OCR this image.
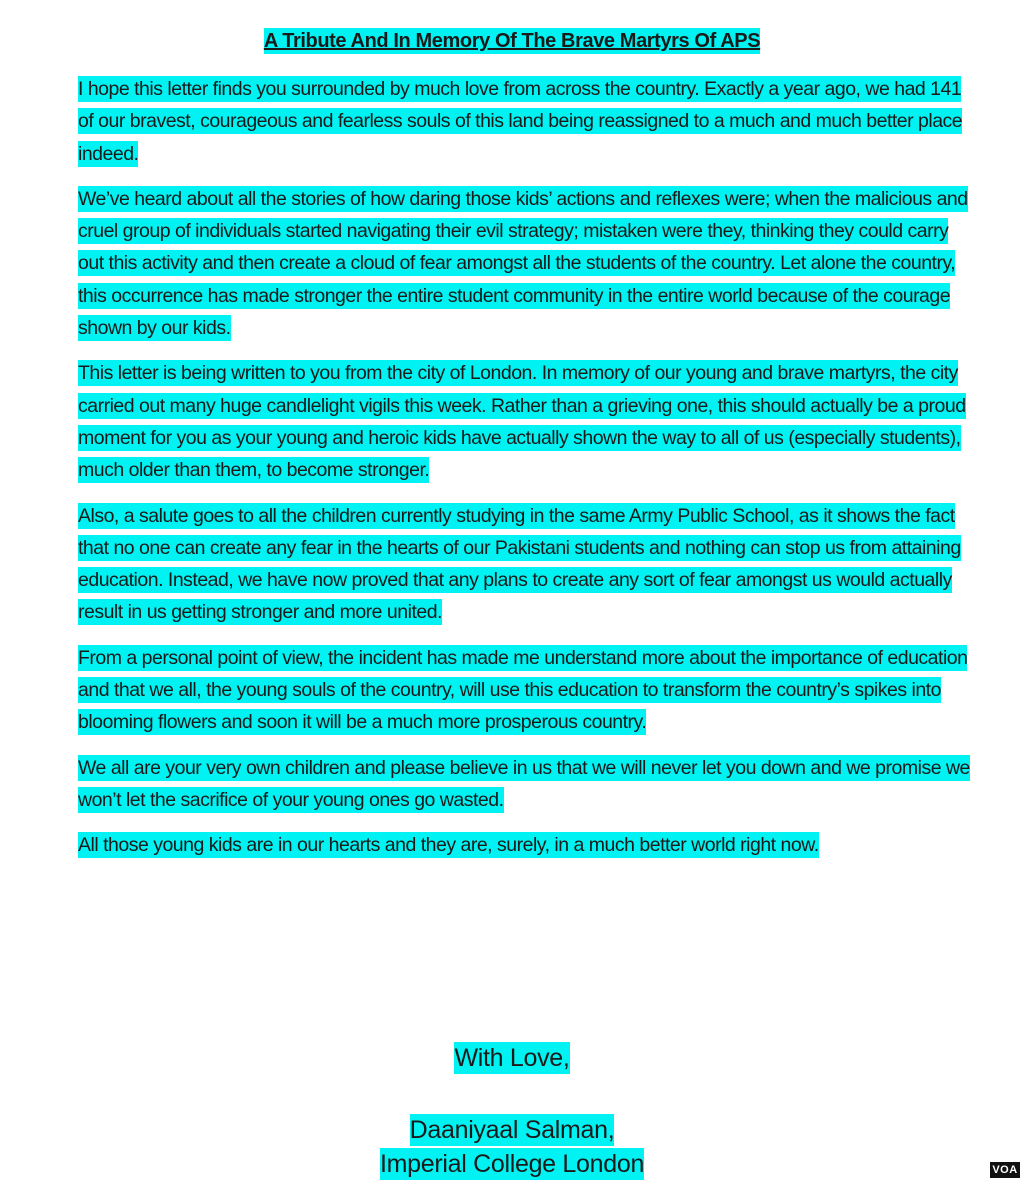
A Tribute And In Memory Of The Brave Martyrs Of APS

I hope this letter finds you surrounded by much love from across the country. Exactly a year ago, we had 141 of our bravest, courageous and fearless souls of this land being reassigned to a much and much better place indeed.

We’ve heard about all the stories of how daring those kids’ actions and reflexes were; when the malicious and cruel group of individuals started navigating their evil strategy; mistaken were they, thinking they could carry out this activity and then create a cloud of fear amongst all the students of the country. Let alone the country, this occurrence has made stronger the entire student community in the entire world because of the courage shown by our kids.

This letter is being written to you from the city of London. In memory of our young and brave martyrs, the city carried out many huge candlelight vigils this week. Rather than a grieving one, this should actually be a proud moment for you as your young and heroic kids have actually shown the way to all of us (especially students), much older than them, to become stronger.

Also, a salute goes to all the children currently studying in the same Army Public School, as it shows the fact that no one can create any fear in the hearts of our Pakistani students and nothing can stop us from attaining education. Instead, we have now proved that any plans to create any sort of fear amongst us would actually result in us getting stronger and more united.

From a personal point of view, the incident has made me understand more about the importance of education and that we all, the young souls of the country, will use this education to transform the country’s spikes into blooming flowers and soon it will be a much more prosperous country.

We all are your very own children and please believe in us that we will never let you down and we promise we won’t let the sacrifice of your young ones go wasted.

All those young kids are in our hearts and they are, surely, in a much better world right now.

With Love,
Daaniyaal Salman,
Imperial College London	VOA
